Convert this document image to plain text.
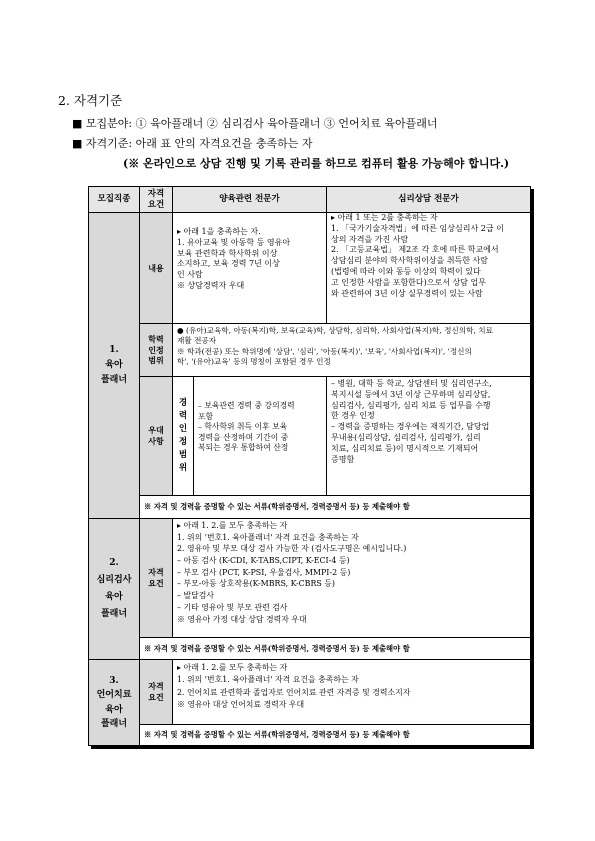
2. 자격기준
■ 모집분야: ① 육아플래너 ② 심리검사 육아플래너 ③ 언어치료 육아플래너
■ 자격기준: 아래 표 안의 자격요건을 충족하는 자
(※ 온라인으로 상담 진행 및 기록 관리를 하므로 컴퓨터 활용 가능해야 합니다.)
모집직종	자격
요건
양육관련 전문가	심리상담 전문가
1.
육아
플래너
내용
▸ 아래 1을 충족하는 자.
1. 유아교육 및 아동학 등 영유아
보육 관련학과 학사학위 이상
소지하고, 보육 경력 7년 이상
인 사람
※ 상담경력자 우대
▸ 아래 1 또는 2를 충족하는 자
1. 「국가기술자격법」에 따른 임상심리사 2급 이
상의 자격을 가진 사람
2. 「고등교육법」 제2조 각 호에 따른 학교에서
상담심리 분야의 학사학위이상을 취득한 사람
(법령에 따라 이와 동등 이상의 학력이 있다
고 인정한 사람을 포함한다)으로서 상담 업무
와 관련하여 3년 이상 실무경력이 있는 사람
학력
인정
범위
● (유아)교육학, 아동(복지)학, 보육(교육)학, 상담학, 심리학, 사회사업(복지)학, 정신의학, 치료
재활 전공자
※ 학과(전공) 또는 학위명에 '상담', '심리', '아동(복지)', '보육', '사회사업(복지)', '정신의
학', '(유아)교육' 등의 명칭이 포함된 경우 인정
우대
사항
경
력
인
정
범
위
– 보육관련 경력 중 강의경력
포함
– 학사학위 취득 이후 보육
경력을 산정하며 기간이 중
복되는 경우 통합하여 산정
– 병원, 대학 등 학교, 상담센터 및 심리연구소,
복지시설 등에서 3년 이상 근무하며 심리상담,
심리검사, 심리평가, 심리 치료 등 업무를 수행
한 경우 인정
– 경력을 증명하는 경우에는 재직기간, 담당업
무내용(심리상담, 심리검사, 심리평가, 심리
치료, 심리치료 등)이 명시적으로 기재되어
증명함
※ 자격 및 경력을 증명할 수 있는 서류(학위증명서, 경력증명서 등) 등 제출해야 함
2.
심리검사
육아
플래너
자격
요건
▸ 아래 1. 2.를 모두 충족하는 자
1. 위의 '번호1. 육아플래너' 자격 요건을 충족하는 자
2. 영유아 및 부모 대상 검사 가능한 자 (검사도구명은 예시입니다.)
– 아동 검사 (K-CDI, K-TABS,CIPT, K-ECI-4 등)
– 부모 검사 (PCT, K-PSI, 우울검사, MMPI-2 등)
– 부모-아동 상호작용(K-MBRS, K-CBRS 등)
– 발달검사
– 기타 영유아 및 부모 관련 검사
※ 영유아 가정 대상 상담 경력자 우대
※ 자격 및 경력을 증명할 수 있는 서류(학위증명서, 경력증명서 등) 등 제출해야 함
3.
언어치료
육아
플래너
자격
요건
▸ 아래 1. 2.를 모두 충족하는 자
1. 위의 '번호1. 육아플래너' 자격 요건을 충족하는 자
2. 언어치료 관련학과 졸업자로 언어치료 관련 자격증 및 경력소지자
※ 영유아 대상 언어치료 경력자 우대
※ 자격 및 경력을 증명할 수 있는 서류(학위증명서, 경력증명서 등) 등 제출해야 함
